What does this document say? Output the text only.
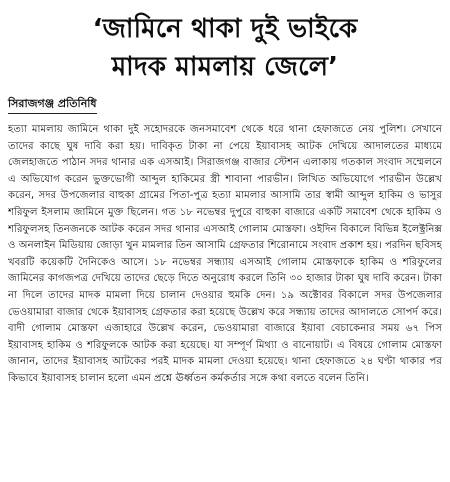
‘জামিনে থাকা দুই ভাইকে
মাদক মামলায় জেলে’
সিরাজগঞ্জ প্রতিনিধি
হত্যা মামলায় জামিনে থাকা দুই সহোদরকে জনসমাবেশ থেকে ধরে থানা হেফাজতে নেয় পুলিশ। সেখানে তাদের কাছে ঘুষ দাবি করা হয়। দাবিকৃত টাকা না পেয়ে ইয়াবাসহ আটক দেখিয়ে আদালতের মাধ্যমে জেলহাজতে পাঠান সদর থানার এক এসআই। সিরাজগঞ্জ বাজার স্টেশন এলাকায় গতকাল সংবাদ সম্মেলনে এ অভিযোগ করেন ভুক্তভোগী আব্দুল হাকিমের স্ত্রী শাবানা পারভীন। লিখিত অভিযোগে পারভীন উল্লেখ করেন, সদর উপজেলার বাহুকা গ্রামের পিতা-পুত্র হত্যা মামলার আসামি তার স্বামী আব্দুল হাকিম ও ভাসুর শরিফুল ইসলাম জামিনে মুক্ত ছিলেন। গত ১৮ নভেম্বর দুপুরে বাহুকা বাজারে একটি সমাবেশ থেকে হাকিম ও শরিফুলসহ তিনজনকে আটক করেন সদর থানার এসআই গোলাম মোস্তফা। ওইদিন বিকালে বিভিন্ন ইলেক্ট্রনিক্স ও অনলাইন মিডিয়ায় জোড়া খুন মামলার তিন আসামি গ্রেফতার শিরোনামে সংবাদ প্রকাশ হয়। পরদিন ছবিসহ খবরটি কয়েকটি দৈনিকেও আসে। ১৮ নভেম্বর সন্ধ্যায় এসআই গোলাম মোস্তফাকে হাকিম ও শরিফুলের জামিনের কাগজপত্র দেখিয়ে তাদের ছেড়ে দিতে অনুরোধ করলে তিনি ৩০ হাজার টাকা ঘুষ দাবি করেন। টাকা না দিলে তাদের মাদক মামলা দিয়ে চালান দেওয়ার হুমকি দেন। ১৯ অক্টোবর বিকালে সদর উপজেলার ভেওয়ামারা বাজার থেকে ইয়াবাসহ গ্রেফতার করা হয়েছে উল্লেখ করে সন্ধ্যায় তাদের আদালতে সোপর্দ করে। বাদী গোলাম মোস্তফা এজাহারে উল্লেখ করেন, ভেওয়ামারা বাজারে ইয়াবা বেচাকেনার সময় ৬৭ পিস ইয়াবাসহ হাকিম ও শরিফুলকে আটক করা হয়েছে। যা সম্পূর্ণ মিথ্যা ও বানোয়াট। এ বিষয়ে গোলাম মোস্তফা জানান, তাদের ইয়াবাসহ আটকের পরই মাদক মামলা দেওয়া হয়েছে। থানা হেফাজতে ২৪ ঘণ্টা থাকার পর কিভাবে ইয়াবাসহ চালান হলো এমন প্রশ্নে ঊর্ধ্বতন কর্মকর্তার সঙ্গে কথা বলতে বলেন তিনি।
